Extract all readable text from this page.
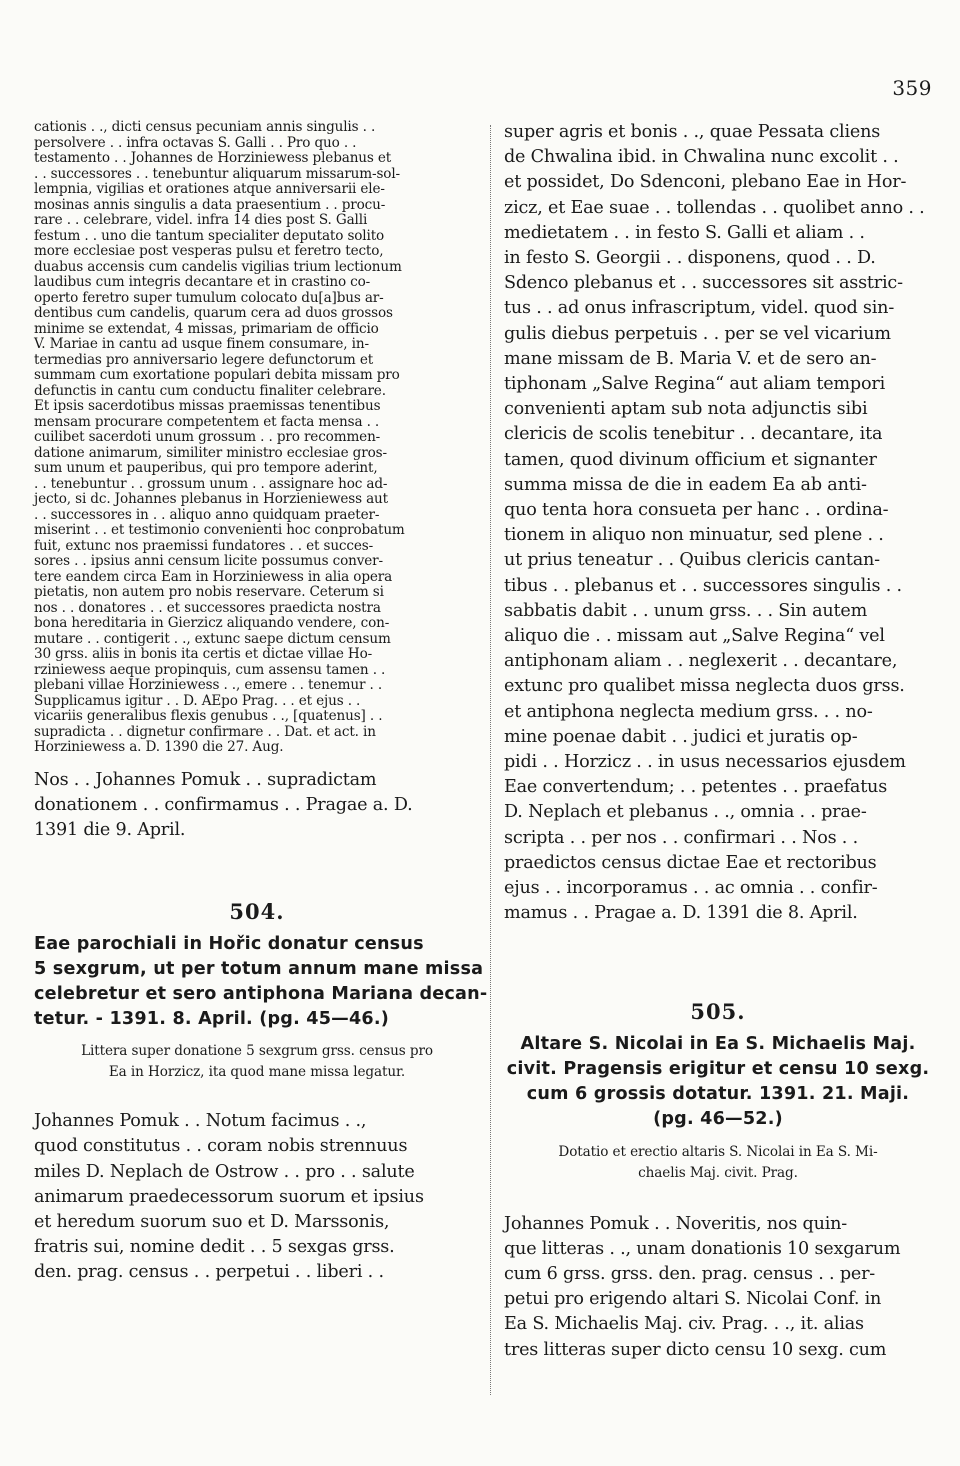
359
cationis . ., dicti census pecuniam annis singulis . .
persolvere . . infra octavas S. Galli . . Pro quo . .
testamento . . Johannes de Horziniewess plebanus et
. . successores . . tenebuntur aliquarum missarum-sol-
lempnia, vigilias et orationes atque anniversarii ele-
mosinas annis singulis a data praesentium . . procu-
rare . . celebrare, videl. infra 14 dies post S. Galli
festum . . uno die tantum specialiter deputato solito
more ecclesiae post vesperas pulsu et feretro tecto,
duabus accensis cum candelis vigilias trium lectionum
laudibus cum integris decantare et in crastino co-
operto feretro super tumulum colocato du[a]bus ar-
dentibus cum candelis, quarum cera ad duos grossos
minime se extendat, 4 missas, primariam de officio
V. Mariae in cantu ad usque finem consumare, in-
termedias pro anniversario legere defunctorum et
summam cum exortatione populari debita missam pro
defunctis in cantu cum conductu finaliter celebrare.
Et ipsis sacerdotibus missas praemissas tenentibus
mensam procurare competentem et facta mensa . .
cuilibet sacerdoti unum grossum . . pro recommen-
datione animarum, similiter ministro ecclesiae gros-
sum unum et pauperibus, qui pro tempore aderint,
. . tenebuntur . . grossum unum . . assignare hoc ad-
jecto, si dc. Johannes plebanus in Horzieniewess aut
. . successores in . . aliquo anno quidquam praeter-
miserint . . et testimonio convenienti hoc conprobatum
fuit, extunc nos praemissi fundatores . . et succes-
sores . . ipsius anni censum licite possumus conver-
tere eandem circa Eam in Horziniewess in alia opera
pietatis, non autem pro nobis reservare. Ceterum si
nos . . donatores . . et successores praedicta nostra
bona hereditaria in Gierzicz aliquando vendere, con-
mutare . . contigerit . ., extunc saepe dictum censum
30 grss. aliis in bonis ita certis et dictae villae Ho-
rziniewess aeque propinquis, cum assensu tamen . .
plebani villae Horziniewess . ., emere . . tenemur . .
Supplicamus igitur . . D. AEpo Prag. . . et ejus . .
vicariis generalibus flexis genubus . ., [quatenus] . .
supradicta . . dignetur confirmare . . Dat. et act. in
Horziniewess a. D. 1390 die 27. Aug.
Nos . . Johannes Pomuk . . supradictam
donationem . . confirmamus . . Pragae a. D.
1391 die 9. April.
504.
Eae parochiali in Hořic donatur census
5 sexgrum, ut per totum annum mane missa
celebretur et sero antiphona Mariana decan-
tetur. - 1391. 8. April. (pg. 45—46.)
Littera super donatione 5 sexgrum grss. census pro
Ea in Horzicz, ita quod mane missa legatur.
Johannes Pomuk . . Notum facimus . .,
quod constitutus . . coram nobis strennuus
miles D. Neplach de Ostrow . . pro . . salute
animarum praedecessorum suorum et ipsius
et heredum suorum suo et D. Marssonis,
fratris sui, nomine dedit . . 5 sexgas grss.
den. prag. census . . perpetui . . liberi . .
super agris et bonis . ., quae Pessata cliens
de Chwalina ibid. in Chwalina nunc excolit . .
et possidet, Do Sdenconi, plebano Eae in Hor-
zicz, et Eae suae . . tollendas . . quolibet anno . .
medietatem . . in festo S. Galli et aliam . .
in festo S. Georgii . . disponens, quod . . D.
Sdenco plebanus et . . successores sit asstric-
tus . . ad onus infrascriptum, videl. quod sin-
gulis diebus perpetuis . . per se vel vicarium
mane missam de B. Maria V. et de sero an-
tiphonam „Salve Regina“ aut aliam tempori
convenienti aptam sub nota adjunctis sibi
clericis de scolis tenebitur . . decantare, ita
tamen, quod divinum officium et signanter
summa missa de die in eadem Ea ab anti-
quo tenta hora consueta per hanc . . ordina-
tionem in aliquo non minuatur, sed plene . .
ut prius teneatur . . Quibus clericis cantan-
tibus . . plebanus et . . successores singulis . .
sabbatis dabit . . unum grss. . . Sin autem
aliquo die . . missam aut „Salve Regina“ vel
antiphonam aliam . . neglexerit . . decantare,
extunc pro qualibet missa neglecta duos grss.
et antiphona neglecta medium grss. . . no-
mine poenae dabit . . judici et juratis op-
pidi . . Horzicz . . in usus necessarios ejusdem
Eae convertendum; . . petentes . . praefatus
D. Neplach et plebanus . ., omnia . . prae-
scripta . . per nos . . confirmari . . Nos . .
praedictos census dictae Eae et rectoribus
ejus . . incorporamus . . ac omnia . . confir-
mamus . . Pragae a. D. 1391 die 8. April.
505.
Altare S. Nicolai in Ea S. Michaelis Maj.
civit. Pragensis erigitur et censu 10 sexg.
cum 6 grossis dotatur. 1391. 21. Maji.
(pg. 46—52.)
Dotatio et erectio altaris S. Nicolai in Ea S. Mi-
chaelis Maj. civit. Prag.
Johannes Pomuk . . Noveritis, nos quin-
que litteras . ., unam donationis 10 sexgarum
cum 6 grss. grss. den. prag. census . . per-
petui pro erigendo altari S. Nicolai Conf. in
Ea S. Michaelis Maj. civ. Prag. . ., it. alias
tres litteras super dicto censu 10 sexg. cum
